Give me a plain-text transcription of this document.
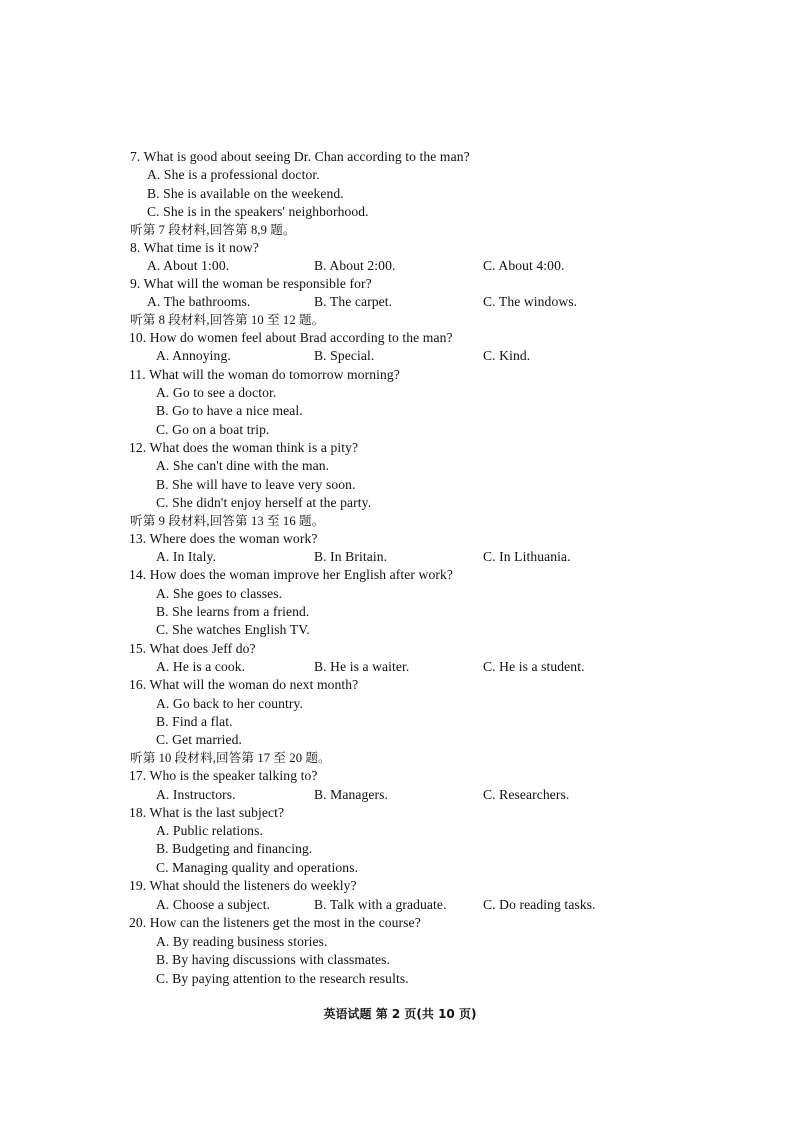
7. What is good about seeing Dr. Chan according to the man?
A. She is a professional doctor.
B. She is available on the weekend.
C. She is in the speakers' neighborhood.
听第 7 段材料,回答第 8,9 题。
8. What time is it now?
A. About 1:00.	B. About 2:00.	C. About 4:00.
9. What will the woman be responsible for?
A. The bathrooms.	B. The carpet.	C. The windows.
听第 8 段材料,回答第 10 至 12 题。
10. How do women feel about Brad according to the man?
A. Annoying.	B. Special.	C. Kind.
11. What will the woman do tomorrow morning?
A. Go to see a doctor.
B. Go to have a nice meal.
C. Go on a boat trip.
12. What does the woman think is a pity?
A. She can't dine with the man.
B. She will have to leave very soon.
C. She didn't enjoy herself at the party.
听第 9 段材料,回答第 13 至 16 题。
13. Where does the woman work?
A. In Italy.	B. In Britain.	C. In Lithuania.
14. How does the woman improve her English after work?
A. She goes to classes.
B. She learns from a friend.
C. She watches English TV.
15. What does Jeff do?
A. He is a cook.	B. He is a waiter.	C. He is a student.
16. What will the woman do next month?
A. Go back to her country.
B. Find a flat.
C. Get married.
听第 10 段材料,回答第 17 至 20 题。
17. Who is the speaker talking to?
A. Instructors.	B. Managers.	C. Researchers.
18. What is the last subject?
A. Public relations.
B. Budgeting and financing.
C. Managing quality and operations.
19. What should the listeners do weekly?
A. Choose a subject.	B. Talk with a graduate.	C. Do reading tasks.
20. How can the listeners get the most in the course?
A. By reading business stories.
B. By having discussions with classmates.
C. By paying attention to the research results.
英语试题 第 2 页(共 10 页)
